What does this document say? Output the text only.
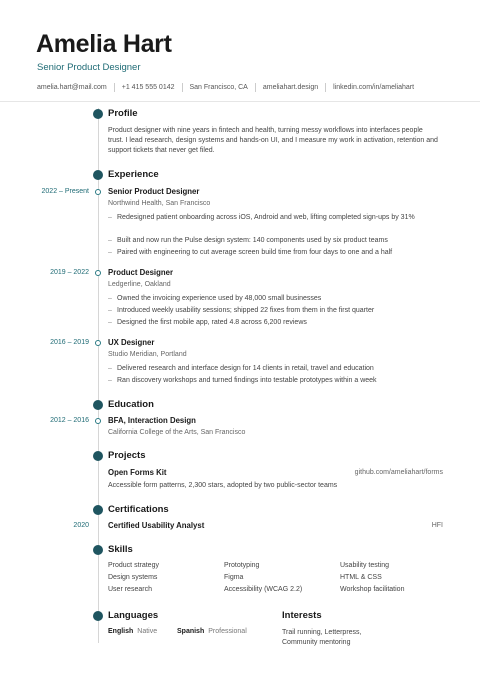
Amelia Hart
Senior Product Designer
amelia.hart@mail.com +1 415 555 0142 San Francisco, CA ameliahart.design linkedin.com/in/ameliahart
Profile
Product designer with nine years in fintech and health, turning messy workflows into interfaces people trust. I lead research, design systems and hands-on UI, and I measure my work in activation, retention and support tickets that never get filed.
Experience
2022 – Present Senior Product Designer
Northwind Health, San Francisco
– Redesigned patient onboarding across iOS, Android and web, lifting completed sign-ups by 31%
– Built and now run the Pulse design system: 140 components used by six product teams
– Paired with engineering to cut average screen build time from four days to one and a half
2019 – 2022 Product Designer
Ledgerline, Oakland
– Owned the invoicing experience used by 48,000 small businesses
– Introduced weekly usability sessions; shipped 22 fixes from them in the first quarter
– Designed the first mobile app, rated 4.8 across 6,200 reviews
2016 – 2019 UX Designer
Studio Meridian, Portland
– Delivered research and interface design for 14 clients in retail, travel and education
– Ran discovery workshops and turned findings into testable prototypes within a week
Education
2012 – 2016 BFA, Interaction Design
California College of the Arts, San Francisco
Projects
Open Forms Kit	github.com/ameliahart/forms
Accessible form patterns, 2,300 stars, adopted by two public-sector teams
Certifications
2020 Certified Usability Analyst	HFI
Skills
Product strategy	Prototyping	Usability testing
Design systems	Figma	HTML & CSS
User research	Accessibility (WCAG 2.2)	Workshop facilitation
Languages
English Native	Spanish Professional
Interests
Trail running, Letterpress, Community mentoring
